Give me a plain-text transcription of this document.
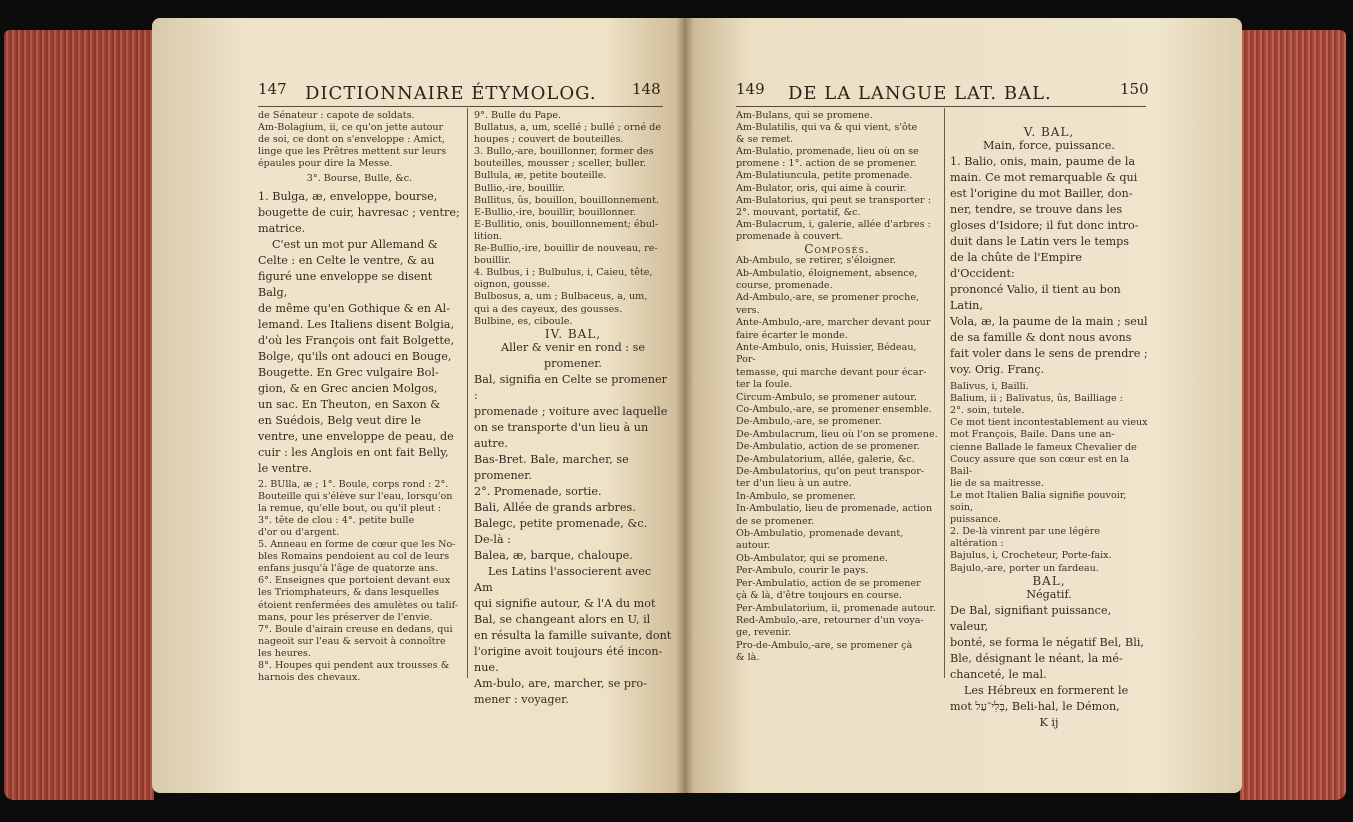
147 DICTIONNAIRE ÉTYMOLOG. 148

de Sénateur : capote de soldats.

Am-Bolagium, ii, ce qu'on jette autour

de soi, ce dont on s'enveloppe : Amict,

linge que les Prêtres mettent sur leurs

épaules pour dire la Messe.

3°. Bourse, Bulle, &c.

1. Bulga, æ, enveloppe, bourse,

bougette de cuir, havresac ; ventre;

matrice.

C'est un mot pur Allemand &

Celte : en Celte le ventre, & au

figuré une enveloppe se disent Balg,

de même qu'en Gothique & en Al-

lemand. Les Italiens disent Bolgia,

d'où les François ont fait Bolgette,

Bolge, qu'ils ont adouci en Bouge,

Bougette. En Grec vulgaire Bol-

gion, & en Grec ancien Molgos,

un sac. En Theuton, en Saxon &

en Suédois, Belg veut dire le

ventre, une enveloppe de peau, de

cuir : les Anglois en ont fait Belly,

le ventre.

2. BUlla, æ ; 1°. Boule, corps rond : 2°.

Bouteille qui s'élève sur l'eau, lorsqu'on

la remue, qu'elle bout, ou qu'il pleut :

3°. tête de clou : 4°. petite bulle

d'or ou d'argent.

5. Anneau en forme de cœur que les No-

bles Romains pendoient au col de leurs

enfans jusqu'à l'âge de quatorze ans.

6°. Enseignes que portoient devant eux

les Triomphateurs, & dans lesquelles

étoient renfermées des amulètes ou talif-

mans, pour les préserver de l'envie.

7°. Boule d'airain creuse en dedans, qui

nageoit sur l'eau & servoit à connoître

les heures.

8°. Houpes qui pendent aux trousses &

harnois des chevaux.

9°. Bulle du Pape.

Bullatus, a, um, scellé ; bullé ; orné de

houpes ; couvert de bouteilles.

3. Bullo,-are, bouillonner, former des

bouteilles, mousser ; sceller, buller.

Bullula, æ, petite bouteille.

Bullio,-ire, bouillir.

Bullitus, ûs, bouillon, bouillonnement.

E-Bullio,-ire, bouillir, bouillonner.

E-Bullitio, onis, bouillonnement; ébul-

lition.

Re-Bullio,-ire, bouillir de nouveau, re-

bouillir.

4. Bulbus, i ; Bulbulus, i, Caieu, tête,

oignon, gousse.

Bulbosus, a, um ; Bulbaceus, a, um,

qui a des cayeux, des gousses.

Bulbine, es, ciboule.

IV. BAL,

Aller & venir en rond : se promener.

Bal, signifia en Celte se promener :

promenade ; voiture avec laquelle

on se transporte d'un lieu à un

autre.

Bas-Bret. Bale, marcher, se promener.

2°. Promenade, sortie.

Bali, Allée de grands arbres.

Balegc, petite promenade, &c.

De-là :

Balea, æ, barque, chaloupe.

Les Latins l'associerent avec Am

qui signifie autour, & l'A du mot

Bal, se changeant alors en U, il

en résulta la famille suivante, dont

l'origine avoit toujours été incon-

nue.

Am-bulo, are, marcher, se pro-

mener : voyager.

149 DE LA LANGUE LAT. BAL.	150

Am-Bulans, qui se promene.

Am-Bulatilis, qui va & qui vient, s'ôte

& se remet.

Am-Bulatio, promenade, lieu où on se

promene : 1°. action de se promener.

Am-Bulatiuncula, petite promenade.

Am-Bulator, oris, qui aime à courir.

Am-Bulatorius, qui peut se transporter :

2°. mouvant, portatif, &c.

Am-Bulacrum, i, galerie, allée d'arbres :

promenade à couvert.

Composés.

Ab-Ambulo, se retirer, s'éloigner.

Ab-Ambulatio, éloignement, absence,

course, promenade.

Ad-Ambulo,-are, se promener proche,

vers.

Ante-Ambulo,-are, marcher devant pour

faire écarter le monde.

Ante-Ambulo, onis, Huissier, Bédeau, Por-

temasse, qui marche devant pour écar-

ter la foule.

Circum-Ambulo, se promener autour.

Co-Ambulo,-are, se promener ensemble.

De-Ambulo,-are, se promener.

De-Ambulacrum, lieu où l'on se promene.

De-Ambulatio, action de se promener.

De-Ambulatorium, allée, galerie, &c.

De-Ambulatorius, qu'on peut transpor-

ter d'un lieu à un autre.

In-Ambulo, se promener.

In-Ambulatio, lieu de promenade, action

de se promener.

Ob-Ambulatio, promenade devant, autour.

Ob-Ambulator, qui se promene.

Per-Ambulo, courir le pays.

Per-Ambulatio, action de se promener

çà & là, d'être toujours en course.

Per-Ambulatorium, ii, promenade autour.

Red-Ambulo,-are, retourner d'un voya-

ge, revenir.

Pro-de-Ambulo,-are, se promener çà

& là.

V. BAL,

Main, force, puissance.

1. Balio, onis, main, paume de la

main. Ce mot remarquable & qui

est l'origine du mot Bailler, don-

ner, tendre, se trouve dans les

gloses d'Isidore; il fut donc intro-

duit dans le Latin vers le temps

de la chûte de l'Empire d'Occident:

prononcé Valio, il tient au bon

Latin,

Vola, æ, la paume de la main ; seul

de sa famille & dont nous avons

fait voler dans le sens de prendre ;

voy. Orig. Franç.

Balivus, i, Bailli.

Balium, ii ; Balivatus, ûs, Bailliage :

2°. soin, tutele.

Ce mot tient incontestablement au vieux

mot François, Baile. Dans une an-

cienne Ballade le fameux Chevalier de

Coucy assure que son cœur est en la Bail-

lie de sa maitresse.

Le mot Italien Balia signifie pouvoir, soin,

puissance.

2. De-là vinrent par une légère altération :

Bajulus, i, Crocheteur, Porte-faix.

Bajulo,-are, porter un fardeau.

BAL,

Négatif.

De Bal, signifiant puissance, valeur,

bonté, se forma le négatif Bel, Bli,

Ble, désignant le néant, la mé-

chanceté, le mal.

Les Hébreux en formerent le

mot בְּלִי־עַל, Beli-hal, le Démon,

K ij
